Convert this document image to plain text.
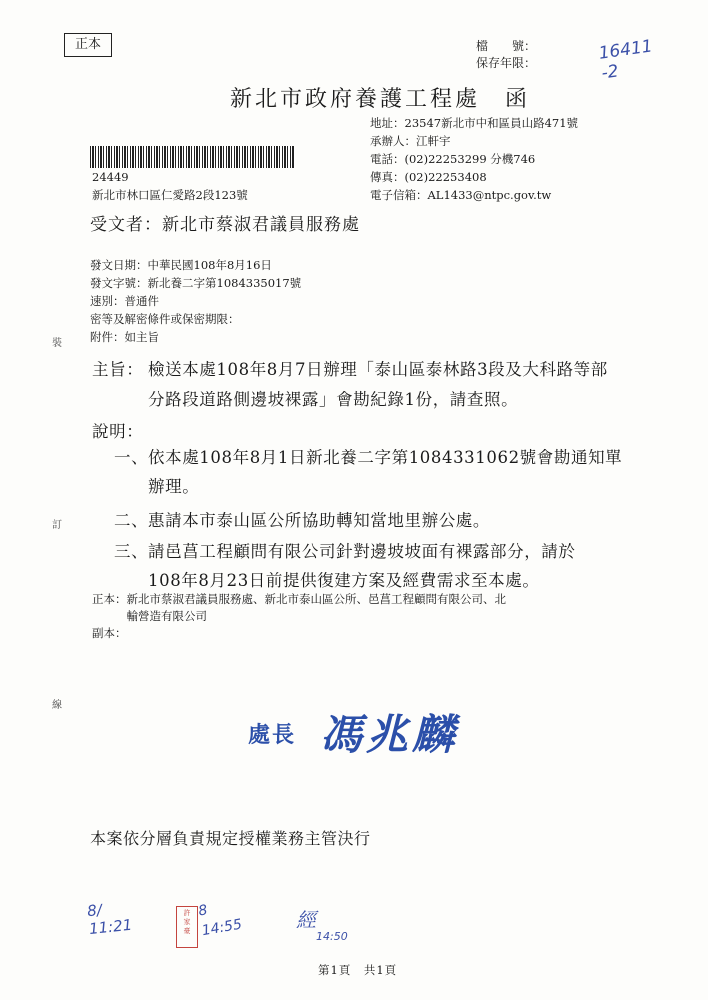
正本	檔　　號：
保存年限：	16411
-2
新北市政府養護工程處　函
地址：23547新北市中和區員山路471號
承辦人：江軒宇
電話：(02)22253299 分機746
傳真：(02)22253408
電子信箱：AL1433@ntpc.gov.tw
24449
新北市林口區仁愛路2段123號
受文者：新北市蔡淑君議員服務處
發文日期：中華民國108年8月16日
發文字號：新北養二字第1084335017號
速別：普通件
密等及解密條件或保密期限：
附件：如主旨
裝
訂
線
主旨： 檢送本處108年8月7日辦理「泰山區泰林路3段及大科路等部
分路段道路側邊坡裸露」會勘紀錄1份，請查照。
說明：
一、 依本處108年8月1日新北養二字第1084331062號會勘通知單
辦理。
二、 惠請本市泰山區公所協助轉知當地里辦公處。
三、 請邑菖工程顧問有限公司針對邊坡坡面有裸露部分，請於
108年8月23日前提供復建方案及經費需求至本處。
正本：新北市蔡淑君議員服務處、新北市泰山區公所、邑菖工程顧問有限公司、北
　　　輸營造有限公司
副本：
處長 馮兆麟
本案依分層負責規定授權業務主管決行
8/
11:21
許
家
豪
8
14:55	經
14:50
第1頁　共1頁
